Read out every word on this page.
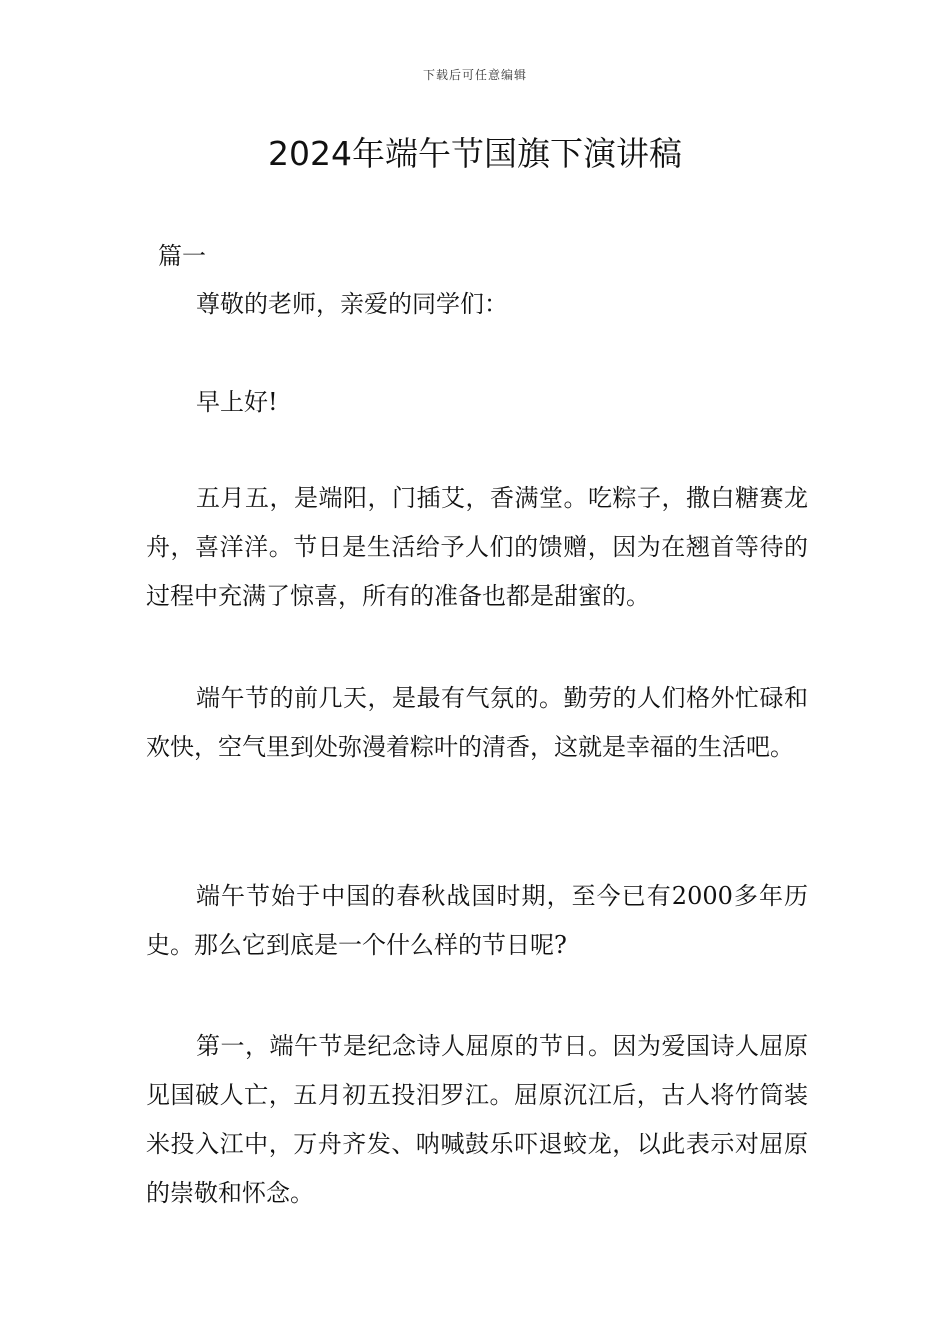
下载后可任意编辑
2024年端午节国旗下演讲稿
篇一
尊敬的老师，亲爱的同学们：

早上好!

五月五，是端阳，门插艾，香满堂。吃粽子，撒白糖赛龙舟，喜洋洋。节日是生活给予人们的馈赠，因为在翘首等待的过程中充满了惊喜，所有的准备也都是甜蜜的。

端午节的前几天，是最有气氛的。勤劳的人们格外忙碌和欢快，空气里到处弥漫着粽叶的清香，这就是幸福的生活吧。

端午节始于中国的春秋战国时期，至今已有2000多年历史。那么它到底是一个什么样的节日呢?

第一，端午节是纪念诗人屈原的节日。因为爱国诗人屈原见国破人亡，五月初五投汨罗江。屈原沉江后，古人将竹筒装米投入江中，万舟齐发、呐喊鼓乐吓退蛟龙，以此表示对屈原的崇敬和怀念。
